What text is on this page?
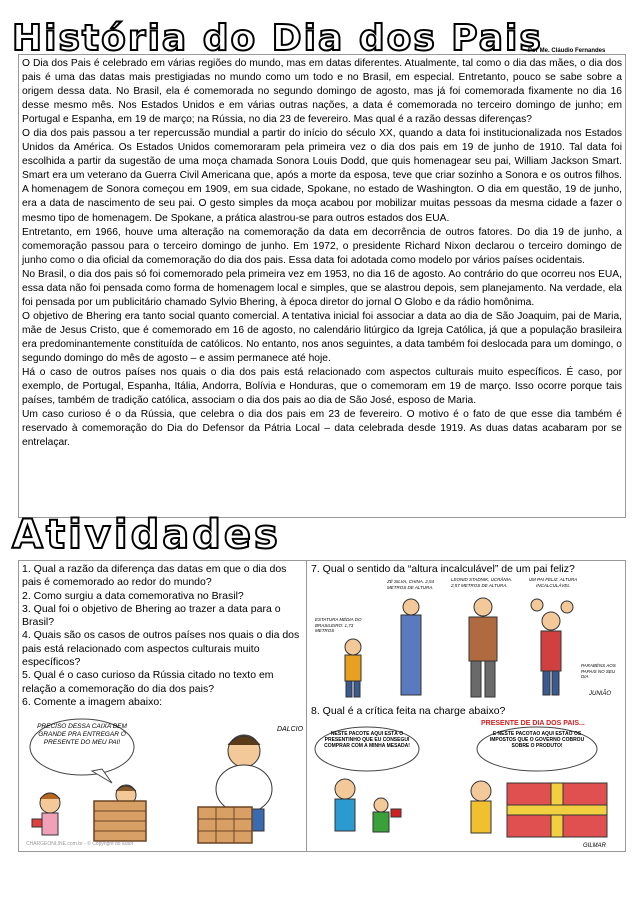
História do Dia dos Pais
Por Me. Cláudio Fernandes

O Dia dos Pais é celebrado em várias regiões do mundo, mas em datas diferentes. Atualmente, tal como o dia das mães, o dia dos pais é uma das datas mais prestigiadas no mundo como um todo e no Brasil, em especial. Entretanto, pouco se sabe sobre a origem dessa data. No Brasil, ela é comemorada no segundo domingo de agosto, mas já foi comemorada fixamente no dia 16 desse mesmo mês. Nos Estados Unidos e em várias outras nações, a data é comemorada no terceiro domingo de junho; em Portugal e Espanha, em 19 de março; na Rússia, no dia 23 de fevereiro. Mas qual é a razão dessas diferenças?

O dia dos pais passou a ter repercussão mundial a partir do início do século XX, quando a data foi institucionalizada nos Estados Unidos da América. Os Estados Unidos comemoraram pela primeira vez o dia dos pais em 19 de junho de 1910. Tal data foi escolhida a partir da sugestão de uma moça chamada Sonora Louis Dodd, que quis homenagear seu pai, William Jackson Smart. Smart era um veterano da Guerra Civil Americana que, após a morte da esposa, teve que criar sozinho a Sonora e os outros filhos. A homenagem de Sonora começou em 1909, em sua cidade, Spokane, no estado de Washington. O dia em questão, 19 de junho, era a data de nascimento de seu pai. O gesto simples da moça acabou por mobilizar muitas pessoas da mesma cidade a fazer o mesmo tipo de homenagem. De Spokane, a prática alastrou-se para outros estados dos EUA.

Entretanto, em 1966, houve uma alteração na comemoração da data em decorrência de outros fatores. Do dia 19 de junho, a comemoração passou para o terceiro domingo de junho. Em 1972, o presidente Richard Nixon declarou o terceiro domingo de junho como o dia oficial da comemoração do dia dos pais. Essa data foi adotada como modelo por vários países ocidentais.

No Brasil, o dia dos pais só foi comemorado pela primeira vez em 1953, no dia 16 de agosto. Ao contrário do que ocorreu nos EUA, essa data não foi pensada como forma de homenagem local e simples, que se alastrou depois, sem planejamento. Na verdade, ela foi pensada por um publicitário chamado Sylvio Bhering, à época diretor do jornal O Globo e da rádio homônima.

O objetivo de Bhering era tanto social quanto comercial. A tentativa inicial foi associar a data ao dia de São Joaquim, pai de Maria, mãe de Jesus Cristo, que é comemorado em 16 de agosto, no calendário litúrgico da Igreja Católica, já que a população brasileira era predominantemente constituída de católicos. No entanto, nos anos seguintes, a data também foi deslocada para um domingo, o segundo domingo do mês de agosto – e assim permanece até hoje.

Há o caso de outros países nos quais o dia dos pais está relacionado com aspectos culturais muito específicos. É caso, por exemplo, de Portugal, Espanha, Itália, Andorra, Bolívia e Honduras, que o comemoram em 19 de março. Isso ocorre porque tais países, também de tradição católica, associam o dia dos pais ao dia de São José, esposo de Maria.

Um caso curioso é o da Rússia, que celebra o dia dos pais em 23 de fevereiro. O motivo é o fato de que esse dia também é reservado à comemoração do Dia do Defensor da Pátria Local – data celebrada desde 1919. As duas datas acabaram por se entrelaçar.

Atividades

1. Qual a razão da diferença das datas em que o dia dos pais é comemorado ao redor do mundo?

2. Como surgiu a data comemorativa no Brasil?

3. Qual foi o objetivo de Bhering ao trazer a data para o Brasil?

4. Quais são os casos de outros países nos quais o dia dos pais está relacionado com aspectos culturais muito específicos?

5. Qual é o caso curioso da Rússia citado no texto em relação a comemoração do dia dos pais?

6. Comente a imagem abaixo:

7. Qual o sentido da “altura incalculável” de um pai feliz?
8. Qual é a crítica feita na charge abaixo?
PRECISO DESSA CAIXA BEM GRANDE PRA ENTREGAR O PRESENTE DO MEU PAI!
DALCIO
CHARGEONLINE.com.br - © Copyright do autor
ESTATURA MÉDIA DO BRASILEIRO: 1,73 METROS
ZÉ SILVA, CHINA. 2,54 METROS DE ALTURA.
LEONID STADNIK, UCRÂNIA. 2,57 METROS DE ALTURA.
UM PAI FELIZ. ALTURA INCALCULÁVEL
PARABÉNS AOS PAPAIS NO SEU DIA
JUNIÃO
PRESENTE DE DIA DOS PAIS...
NESTE PACOTE AQUI ESTÁ O PRESENTINHO QUE EU CONSEGUI COMPRAR COM A MINHA MESADA!
E NESTE PACOTÃO AQUI ESTÃO OS IMPOSTOS QUE O GOVERNO COBROU SOBRE O PRODUTO!
GILMAR
